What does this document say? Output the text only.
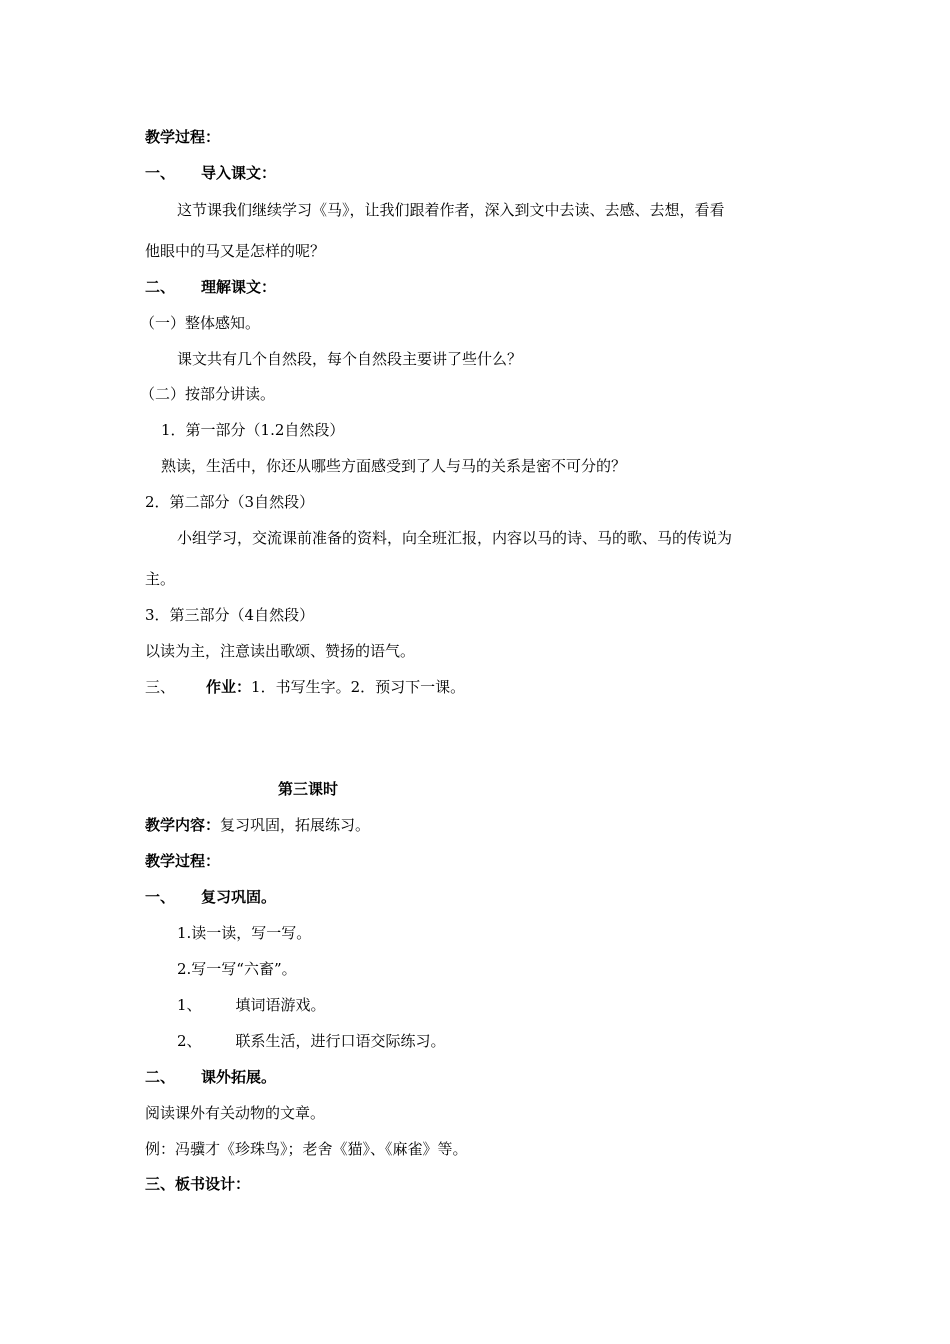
教学过程：
一、 导入课文：
这节课我们继续学习《马》，让我们跟着作者，深入到文中去读、去感、去想，看看
他眼中的马又是怎样的呢？
二、 理解课文：
（一）整体感知。
课文共有几个自然段，每个自然段主要讲了些什么？
（二）按部分讲读。
1．第一部分（1.2自然段）
熟读，生活中，你还从哪些方面感受到了人与马的关系是密不可分的？
2．第二部分（3自然段）
小组学习，交流课前准备的资料，向全班汇报，内容以马的诗、马的歌、马的传说为
主。
3．第三部分（4自然段）
以读为主，注意读出歌颂、赞扬的语气。
三、 作业：1．书写生字。2．预习下一课。
第三课时
教学内容：复习巩固，拓展练习。
教学过程：
一、 复习巩固。
1.读一读，写一写。
2.写一写“六畜”。
1、 填词语游戏。
2、 联系生活，进行口语交际练习。
二、 课外拓展。
阅读课外有关动物的文章。
例：冯骥才《珍珠鸟》；老舍《猫》、《麻雀》等。
三、板书设计：
